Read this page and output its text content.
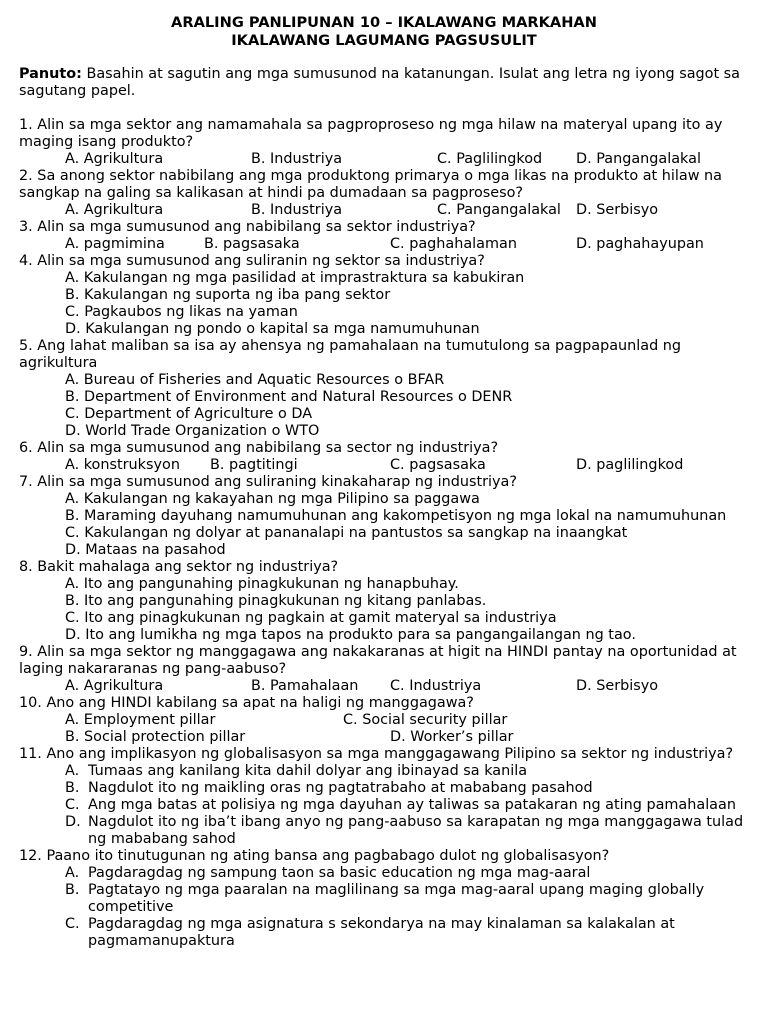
ARALING PANLIPUNAN 10 – IKALAWANG MARKAHAN
IKALAWANG LAGUMANG PAGSUSULIT
Panuto: Basahin at sagutin ang mga sumusunod na katanungan. Isulat ang letra ng iyong sagot sa sagutang papel.
1. Alin sa mga sektor ang namamahala sa pagproproseso ng mga hilaw na materyal upang ito ay maging isang produkto?
A. Agrikultura	B. Industriya	C. Paglilingkod D. Pangangalakal
2. Sa anong sektor nabibilang ang mga produktong primarya o mga likas na produkto at hilaw na sangkap na galing sa kalikasan at hindi pa dumadaan sa pagproseso?
A. Agrikultura	B. Industriya	C. Pangangalakal D. Serbisyo
3. Alin sa mga sumusunod ang nabibilang sa sektor industriya?
A. pagmimina	B. pagsasaka	C. paghahalaman	D. paghahayupan
4. Alin sa mga sumusunod ang suliranin ng sektor sa industriya?
A. Kakulangan ng mga pasilidad at imprastraktura sa kabukiran
B. Kakulangan ng suporta ng iba pang sektor
C. Pagkaubos ng likas na yaman
D. Kakulangan ng pondo o kapital sa mga namumuhunan
5. Ang lahat maliban sa isa ay ahensya ng pamahalaan na tumutulong sa pagpapaunlad ng agrikultura
A. Bureau of Fisheries and Aquatic Resources o BFAR
B. Department of Environment and Natural Resources o DENR
C. Department of Agriculture o DA
D. World Trade Organization o WTO
6. Alin sa mga sumusunod ang nabibilang sa sector ng industriya?
A. konstruksyon B. pagtitingi	C. pagsasaka	D. paglilingkod
7. Alin sa mga sumusunod ang suliraning kinakaharap ng industriya?
A. Kakulangan ng kakayahan ng mga Pilipino sa paggawa
B. Maraming dayuhang namumuhunan ang kakompetisyon ng mga lokal na namumuhunan
C. Kakulangan ng dolyar at pananalapi na pantustos sa sangkap na inaangkat
D. Mataas na pasahod
8. Bakit mahalaga ang sektor ng industriya?
A. Ito ang pangunahing pinagkukunan ng hanapbuhay.
B. Ito ang pangunahing pinagkukunan ng kitang panlabas.
C. Ito ang pinagkukunan ng pagkain at gamit materyal sa industriya
D. Ito ang lumikha ng mga tapos na produkto para sa pangangailangan ng tao.
9. Alin sa mga sektor ng manggagawa ang nakakaranas at higit na HINDI pantay na oportunidad at laging nakararanas ng pang-aabuso?
A. Agrikultura	B. Pamahalaan C. Industriya	D. Serbisyo
10. Ano ang HINDI kabilang sa apat na haligi ng manggagawa?
A. Employment pillar	C. Social security pillar
B. Social protection pillar	D. Worker’s pillar
11. Ano ang implikasyon ng globalisasyon sa mga manggagawang Pilipino sa sektor ng industriya?
A. Tumaas ang kanilang kita dahil dolyar ang ibinayad sa kanila
B. Nagdulot ito ng maikling oras ng pagtatrabaho at mababang pasahod
C. Ang mga batas at polisiya ng mga dayuhan ay taliwas sa patakaran ng ating pamahalaan
D. Nagdulot ito ng iba’t ibang anyo ng pang-aabuso sa karapatan ng mga manggagawa tulad ng mababang sahod
12. Paano ito tinutugunan ng ating bansa ang pagbabago dulot ng globalisasyon?
A. Pagdaragdag ng sampung taon sa basic education ng mga mag-aaral
B. Pagtatayo ng mga paaralan na maglilinang sa mga mag-aaral upang maging globally competitive
C. Pagdaragdag ng mga asignatura s sekondarya na may kinalaman sa kalakalan at pagmamanupaktura
